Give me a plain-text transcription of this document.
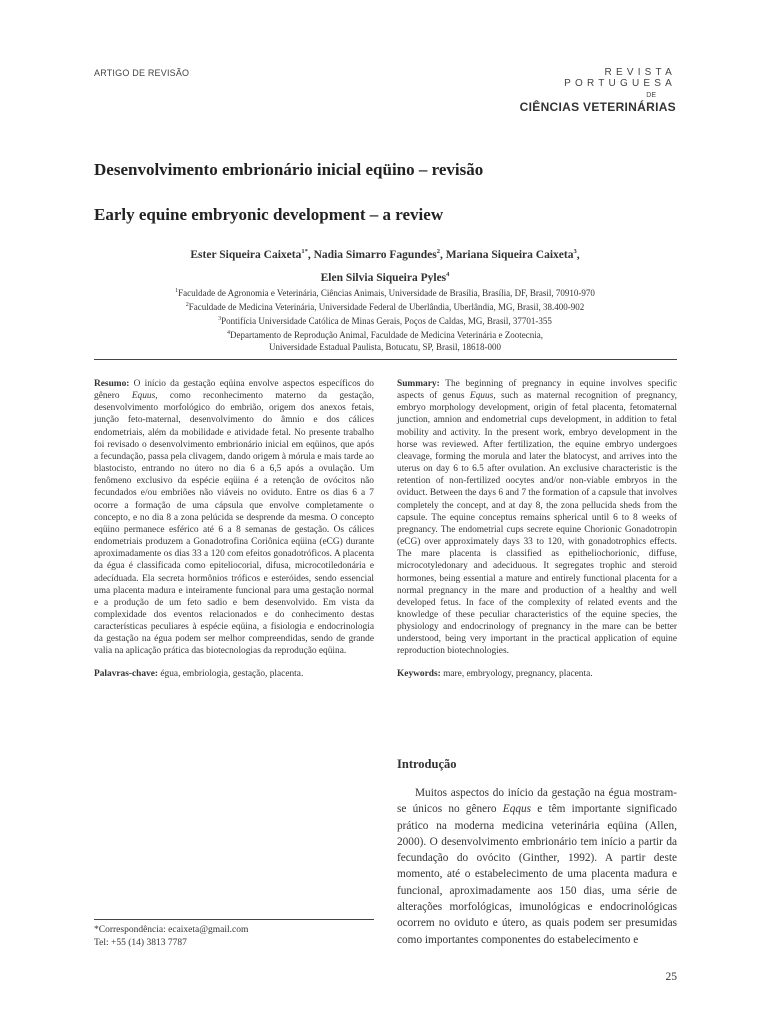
ARTIGO DE REVISÃO	REVISTA PORTUGUESA
DE
CIÊNCIAS VETERINÁRIAS
Desenvolvimento embrionário inicial eqüino – revisão
Early equine embryonic development – a review
Ester Siqueira Caixeta$^{1*}$, Nadia Simarro Fagundes$^2$, Mariana Siqueira Caixeta$^3$,
Elen Silvia Siqueira Pyles$^4$
$^1$Faculdade de Agronomia e Veterinária, Ciências Animais, Universidade de Brasília, Brasília, DF, Brasil, 70910-970
$^2$Faculdade de Medicina Veterinária, Universidade Federal de Uberlândia, Uberlândia, MG, Brasil, 38.400-902
$^3$Pontifícia Universidade Católica de Minas Gerais, Poços de Caldas, MG, Brasil, 37701-355
$^4$Departamento de Reprodução Animal, Faculdade de Medicina Veterinária e Zootecnia,
Universidade Estadual Paulista, Botucatu, SP, Brasil, 18618-000

Resumo: O início da gestação eqüina envolve aspectos específicos do gênero Equus, como reconhecimento materno da gestação, desenvolvimento morfológico do embrião, origem dos anexos fetais, junção feto-maternal, desenvolvimento do âmnio e dos cálices endometriais, além da mobilidade e atividade fetal. No presente trabalho foi revisado o desenvolvimento embrionário inicial em eqüinos, que após a fecundação, passa pela clivagem, dando origem à mórula e mais tarde ao blastocisto, entrando no útero no dia 6 a 6,5 após a ovulação. Um fenômeno exclusivo da espécie eqüina é a retenção de ovócitos não fecundados e/ou embriões não viáveis no oviduto. Entre os dias 6 a 7 ocorre a formação de uma cápsula que envolve completamente o concepto, e no dia 8 a zona pelúcida se desprende da mesma. O concepto eqüino permanece esférico até 6 a 8 semanas de gestação. Os cálices endometriais produzem a Gonadotrofina Coriônica eqüina (eCG) durante aproximadamente os dias 33 a 120 com efeitos gonadotróficos. A placenta da égua é classificada como epiteliocorial, difusa, microcotiledonária e adecíduada. Ela secreta hormônios tróficos e esteróides, sendo essencial uma placenta madura e inteiramente funcional para uma gestação normal e a produção de um feto sadio e bem desenvolvido. Em vista da complexidade dos eventos relacionados e do conhecimento destas características peculiares à espécie eqüina, a fisiologia e endocrinologia da gestação na égua podem ser melhor compreendidas, sendo de grande valia na aplicação prática das biotecnologias da reprodução eqüina.

Palavras-chave: égua, embriologia, gestação, placenta.

Summary: The beginning of pregnancy in equine involves specific aspects of genus Equus, such as maternal recognition of pregnancy, embryo morphology development, origin of fetal placenta, fetomaternal junction, amnion and endometrial cups development, in addition to fetal mobility and activity. In the present work, embryo development in the horse was reviewed. After fertilization, the equine embryo undergoes cleavage, forming the morula and later the blatocyst, and arrives into the uterus on day 6 to 6.5 after ovulation. An exclusive characteristic is the retention of non-fertilized oocytes and/or non-viable embryos in the oviduct. Between the days 6 and 7 the formation of a capsule that involves completely the concept, and at day 8, the zona pellucida sheds from the capsule. The equine conceptus remains spherical until 6 to 8 weeks of pregnancy. The endometrial cups secrete equine Chorionic Gonadotropin (eCG) over approximately days 33 to 120, with gonadotrophics effects. The mare placenta is classified as epitheliochorionic, diffuse, microcotyledonary and adeciduous. It segregates trophic and steroid hormones, being essential a mature and entirely functional placenta for a normal pregnancy in the mare and production of a healthy and well developed fetus. In face of the complexity of related events and the knowledge of these peculiar characteristics of the equine species, the physiology and endocrinology of pregnancy in the mare can be better understood, being very important in the practical application of equine reproduction biotechnologies.

Keywords: mare, embryology, pregnancy, placenta.

Introdução
Muitos aspectos do início da gestação na égua mostram-se únicos no gênero Eqqus e têm importante significado prático na moderna medicina veterinária eqüina (Allen, 2000). O desenvolvimento embrionário tem início a partir da fecundação do ovócito (Ginther, 1992). A partir deste momento, até o estabelecimento de uma placenta madura e funcional, aproximadamente aos 150 dias, uma série de alterações morfológicas, imunológicas e endocrinológicas ocorrem no oviduto e útero, as quais podem ser presumidas como importantes componentes do estabelecimento e
*Correspondência: ecaixeta@gmail.com
Tel: +55 (14) 3813 7787
25
